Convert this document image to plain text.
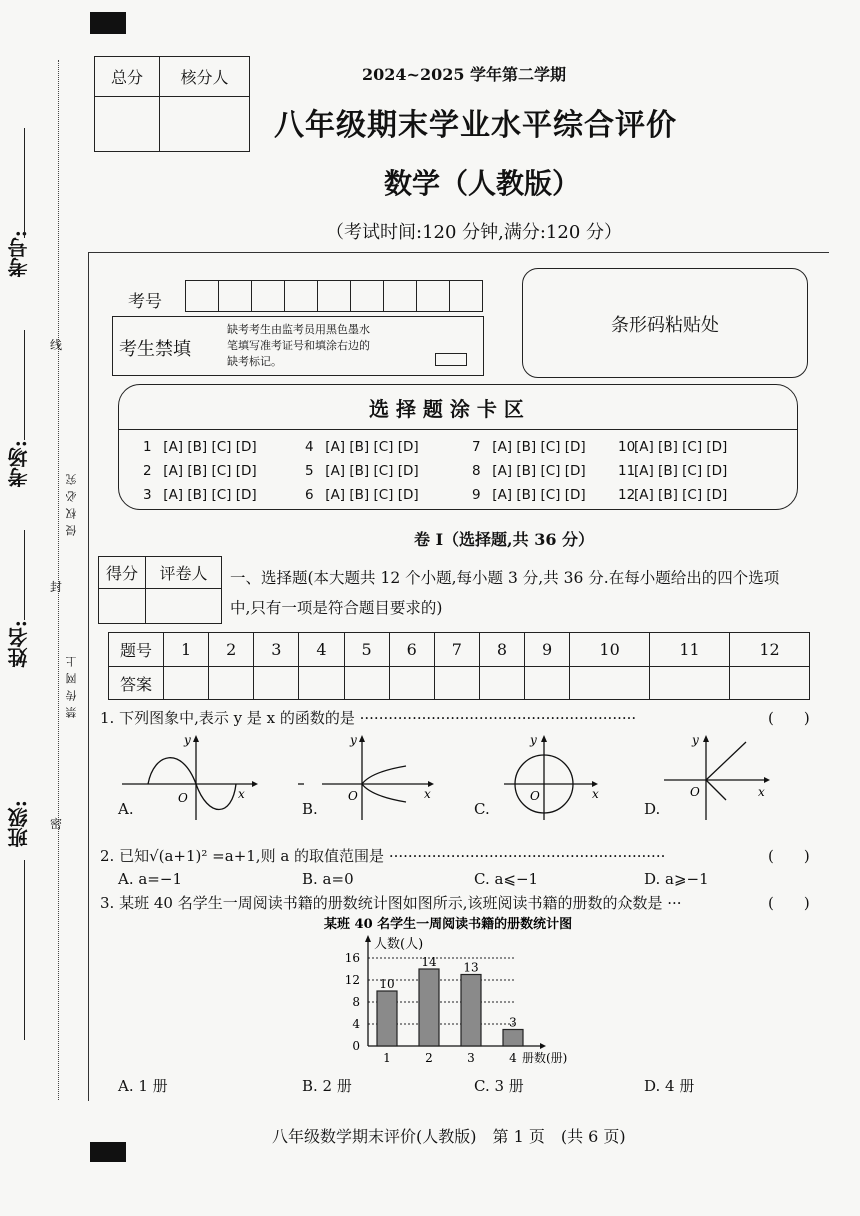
考号:
考场:
姓名:
班级:
线
封
密
侵权必究
禁传网上
总分	核分人
		2024~2025 学年第二学期
八年级期末学业水平综合评价
数学（人教版）
（考试时间:120 分钟,满分:120 分）
考号
考生禁填
缺考考生由监考员用黑色墨水
笔填写准考证号和填涂右边的
缺考标记。
条形码粘贴处
选 择 题 涂 卡 区
1 [A] [B] [C] [D]	4 [A] [B] [C] [D]	7 [A] [B] [C] [D]	10[A] [B] [C] [D]
2 [A] [B] [C] [D]	5 [A] [B] [C] [D]	8 [A] [B] [C] [D]	11[A] [B] [C] [D]
3 [A] [B] [C] [D]	6 [A] [B] [C] [D]	9 [A] [B] [C] [D]	12[A] [B] [C] [D]
卷 I（选择题,共 36 分）
得分	评卷人
	一、选择题(本大题共 12 个小题,每小题 3 分,共 36 分.在每小题给出的四个选项
中,只有一项是符合题目要求的)
题号	1	2	3	4	5	6	7	8	9	10	11	12
答案												
1. 下列图象中,表示 y 是 x 的函数的是 ··························································	(　　)
y
x
O
A.
y
x
O
B.
y
x
O
C.
y
x
O
D.
2. 已知√(a+1)² =a+1,则 a 的取值范围是 ··························································	(　　)
A. a=−1	B. a=0	C. a⩽−1	D. a⩾−1
3. 某班 40 名学生一周阅读书籍的册数统计图如图所示,该班阅读书籍的册数的众数是 ···	(　　)
某班 40 名学生一周阅读书籍的册数统计图
0
4
8
12
16
人数(人)
册数(册)
10
1
14
2
13
3
3
4
A. 1 册	B. 2 册	C. 3 册	D. 4 册
八年级数学期末评价(人教版)　第 1 页　(共 6 页)
